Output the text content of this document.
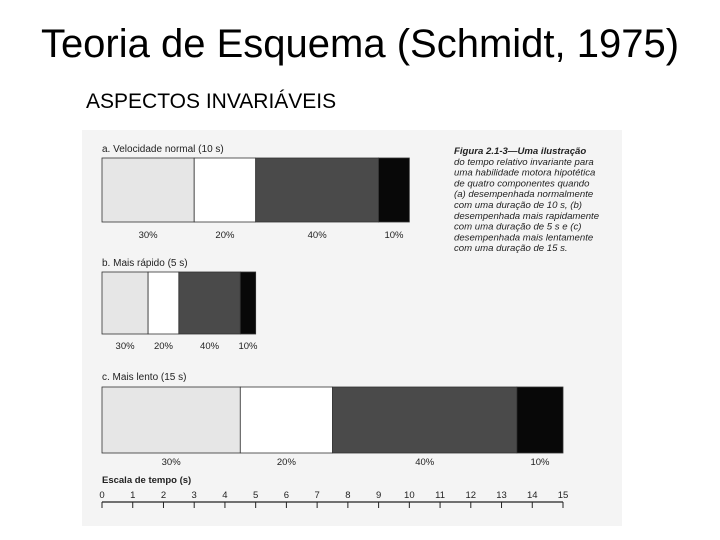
Teoria de Esquema (Schmidt, 1975)
ASPECTOS INVARIÁVEIS
a. Velocidade normal (10 s)
30%	20%	40%	10%
b. Mais rápido (5 s)
30% 20%	40% 10%
c. Mais lento (15 s)
30%	20%	40%	10%
Escala de tempo (s)
0	1	2	3	4	5	6	7	8	9 10 11 12 13 14 15
Figura 2.1-3—Uma ilustração
do tempo relativo invariante para
uma habilidade motora hipotética
de quatro componentes quando
(a) desempenhada normalmente
com uma duração de 10 s, (b)
desempenhada mais rapidamente
com uma duração de 5 s e (c)
desempenhada mais lentamente
com uma duração de 15 s.
